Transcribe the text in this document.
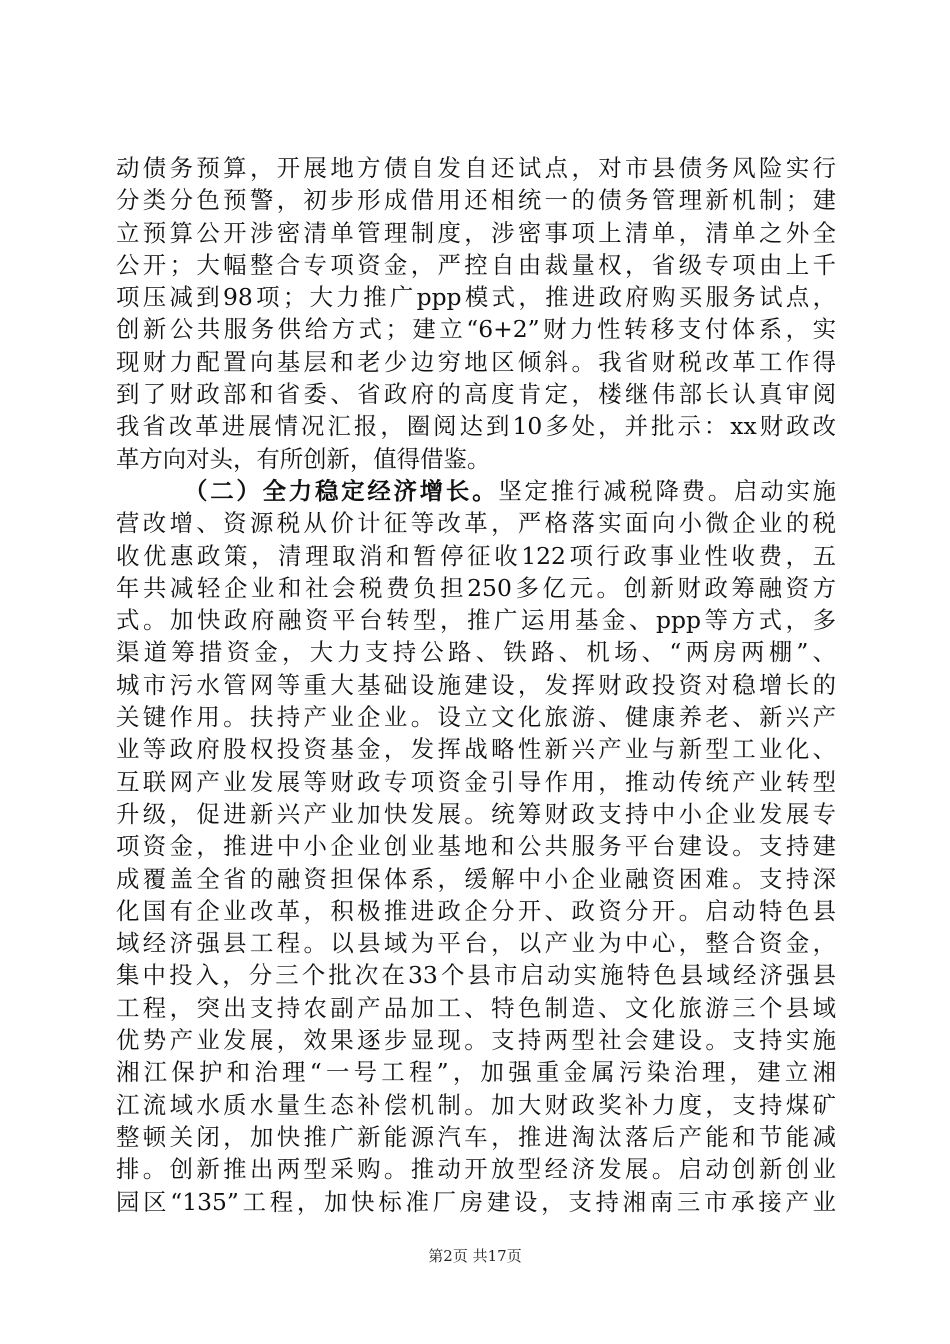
动债务预算，开展地方债自发自还试点，对市县债务风险实行
分类分色预警，初步形成借用还相统一的债务管理新机制；建
立预算公开涉密清单管理制度，涉密事项上清单，清单之外全
公开；大幅整合专项资金，严控自由裁量权，省级专项由上千
项压减到98项；大力推广ppp模式，推进政府购买服务试点，
创新公共服务供给方式；建立“6+2”财力性转移支付体系，实
现财力配置向基层和老少边穷地区倾斜。我省财税改革工作得
到了财政部和省委、省政府的高度肯定，楼继伟部长认真审阅
我省改革进展情况汇报，圈阅达到10多处，并批示：xx财政改
革方向对头，有所创新，值得借鉴。
（二）全力稳定经济增长。坚定推行减税降费。启动实施
营改增、资源税从价计征等改革，严格落实面向小微企业的税
收优惠政策，清理取消和暂停征收122项行政事业性收费，五
年共减轻企业和社会税费负担250多亿元。创新财政筹融资方
式。加快政府融资平台转型，推广运用基金、ppp等方式，多
渠道筹措资金，大力支持公路、铁路、机场、“两房两棚”、
城市污水管网等重大基础设施建设，发挥财政投资对稳增长的
关键作用。扶持产业企业。设立文化旅游、健康养老、新兴产
业等政府股权投资基金，发挥战略性新兴产业与新型工业化、
互联网产业发展等财政专项资金引导作用，推动传统产业转型
升级，促进新兴产业加快发展。统筹财政支持中小企业发展专
项资金，推进中小企业创业基地和公共服务平台建设。支持建
成覆盖全省的融资担保体系，缓解中小企业融资困难。支持深
化国有企业改革，积极推进政企分开、政资分开。启动特色县
域经济强县工程。以县域为平台，以产业为中心，整合资金，
集中投入，分三个批次在33个县市启动实施特色县域经济强县
工程，突出支持农副产品加工、特色制造、文化旅游三个县域
优势产业发展，效果逐步显现。支持两型社会建设。支持实施
湘江保护和治理“一号工程”，加强重金属污染治理，建立湘
江流域水质水量生态补偿机制。加大财政奖补力度，支持煤矿
整顿关闭，加快推广新能源汽车，推进淘汰落后产能和节能减
排。创新推出两型采购。推动开放型经济发展。启动创新创业
园区“135”工程，加快标准厂房建设，支持湘南三市承接产业
第2页 共17页
